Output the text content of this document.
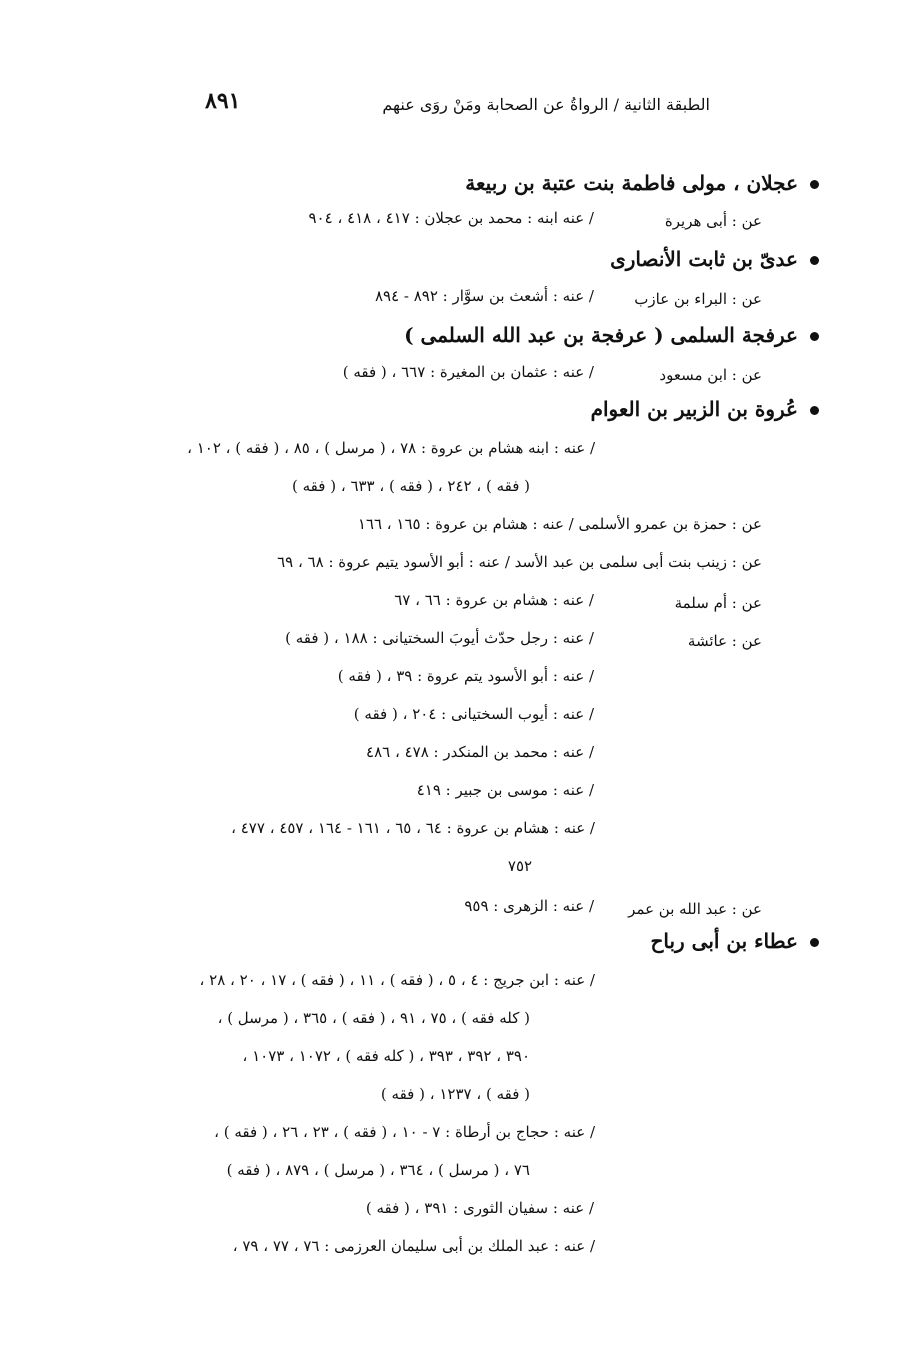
٨٩١	الطبقة الثانية / الرواةُ عن الصحابة ومَنْ روَى عنهم
عجلان ، مولى فاطمة بنت عتبة بن ربيعة
عن : أبى هريرة
/ عنه ابنه : محمد بن عجلان : ٤١٧ ، ٤١٨ ، ٩٠٤
عدىّ بن ثابت الأنصارى
عن : البراء بن عازب
/ عنه : أشعث بن سوَّار : ٨٩٢ - ٨٩٤
عرفجة السلمى ( عرفجة بن عبد الله السلمى )
عن : ابن مسعود
/ عنه : عثمان بن المغيرة : ٦٦٧ ، ( فقه )
عُروة بن الزبير بن العوام
/ عنه : ابنه هشام بن عروة : ٧٨ ، ( مرسل ) ، ٨٥ ، ( فقه ) ، ١٠٢ ،
( فقه ) ، ٢٤٢ ، ( فقه ) ، ٦٣٣ ، ( فقه )
عن : حمزة بن عمرو الأسلمى / عنه : هشام بن عروة : ١٦٥ ، ١٦٦
عن : زينب بنت أبى سلمى بن عبد الأسد / عنه : أبو الأسود يتيم عروة : ٦٨ ، ٦٩
عن : أم سلمة
/ عنه : هشام بن عروة : ٦٦ ، ٦٧
عن : عائشة
/ عنه : رجل حدّث أيوبَ السختيانى : ١٨٨ ، ( فقه )
/ عنه : أبو الأسود يتم عروة : ٣٩ ، ( فقه )
/ عنه : أيوب السختيانى : ٢٠٤ ، ( فقه )
/ عنه : محمد بن المنكدر : ٤٧٨ ، ٤٨٦
/ عنه : موسى بن جبير : ٤١٩
/ عنه : هشام بن عروة : ٦٤ ، ٦٥ ، ١٦١ - ١٦٤ ، ٤٥٧ ، ٤٧٧ ،
٧٥٢
عن : عبد الله بن عمر
/ عنه : الزهرى : ٩٥٩
عطاء بن أبى رباح
/ عنه : ابن جريج : ٤ ، ٥ ، ( فقه ) ، ١١ ، ( فقه ) ، ١٧ ، ٢٠ ، ٢٨ ،
( كله فقه ) ، ٧٥ ، ٩١ ، ( فقه ) ، ٣٦٥ ، ( مرسل ) ،
٣٩٠ ، ٣٩٢ ، ٣٩٣ ، ( كله فقه ) ، ١٠٧٢ ، ١٠٧٣ ،
( فقه ) ، ١٢٣٧ ، ( فقه )
/ عنه : حجاج بن أرطاة : ٧ - ١٠ ، ( فقه ) ، ٢٣ ، ٢٦ ، ( فقه ) ،
٧٦ ، ( مرسل ) ، ٣٦٤ ، ( مرسل ) ، ٨٧٩ ، ( فقه )
/ عنه : سفيان الثورى : ٣٩١ ، ( فقه )
/ عنه : عبد الملك بن أبى سليمان العرزمى : ٧٦ ، ٧٧ ، ٧٩ ،
